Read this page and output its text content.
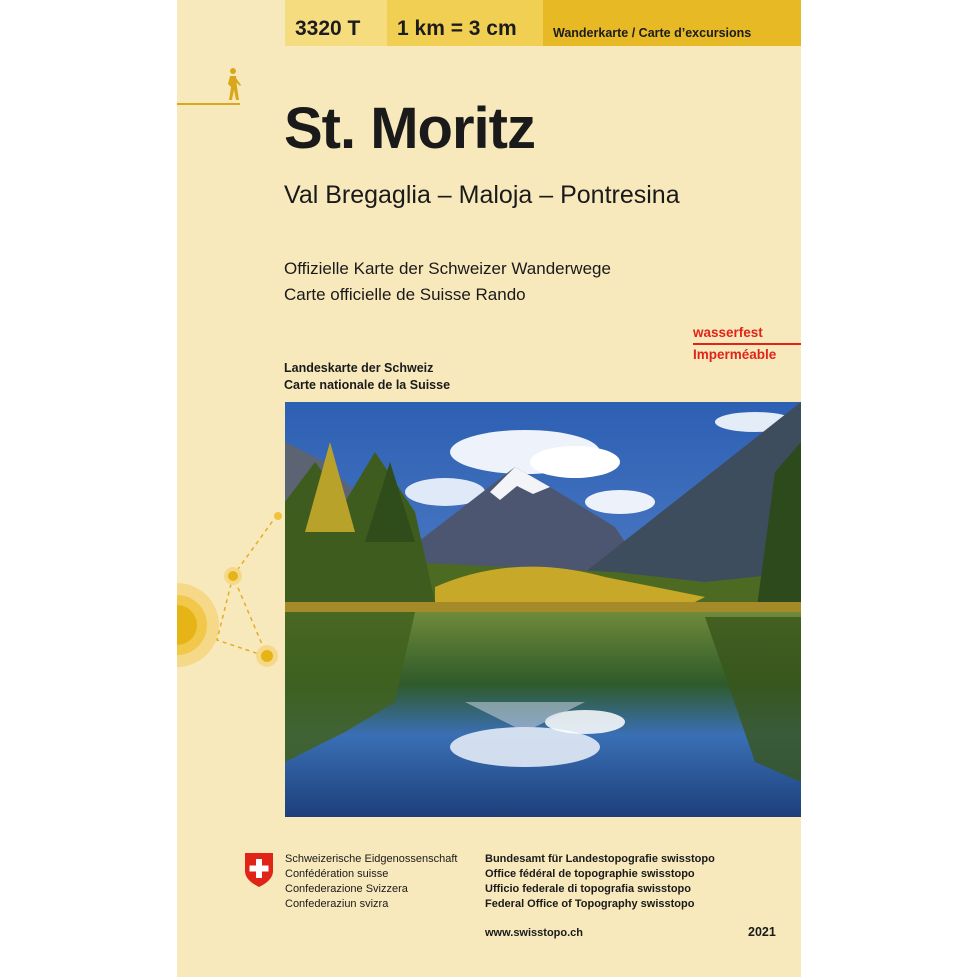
3320 T 1 km = 3 cm	Wanderkarte / Carte d’excursions
St. Moritz
Val Bregaglia – Maloja – Pontresina
Offizielle Karte der Schweizer Wanderwege
Carte officielle de Suisse Rando
wasserfest
Imperméable
Landeskarte der Schweiz
Carte nationale de la Suisse
Schweizerische Eidgenossenschaft
Confédération suisse
Confederazione Svizzera
Confederaziun svizra
Bundesamt für Landestopografie swisstopo
Office fédéral de topographie swisstopo
Ufficio federale di topografia swisstopo
Federal Office of Topography swisstopo
www.swisstopo.ch	2021
